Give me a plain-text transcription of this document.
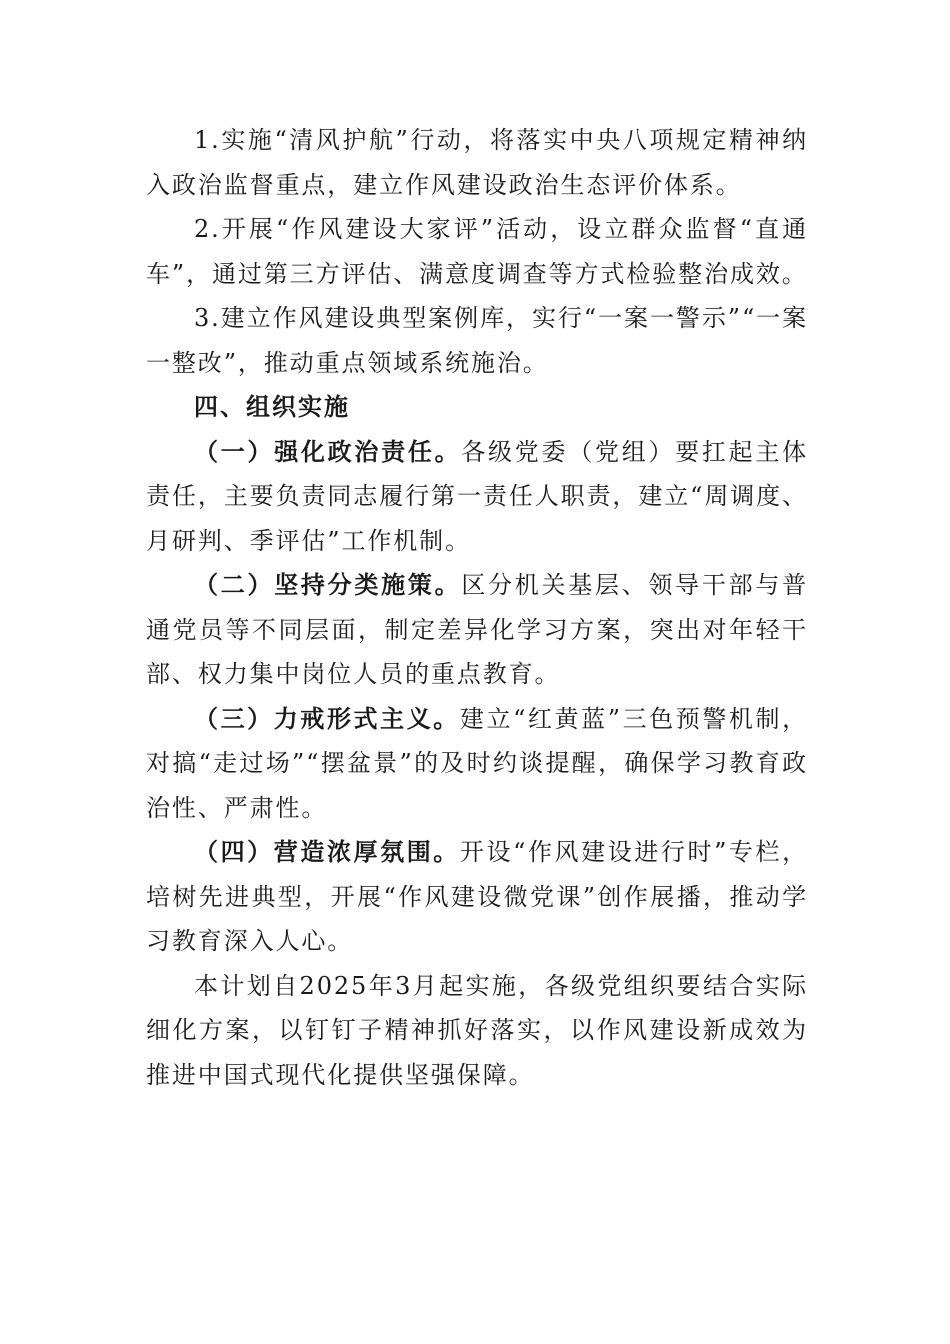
1.实施“清风护航”行动，将落实中央八项规定精神纳入政治监督重点，建立作风建设政治生态评价体系。

2.开展“作风建设大家评”活动，设立群众监督“直通车”，通过第三方评估、满意度调查等方式检验整治成效。

3.建立作风建设典型案例库，实行“一案一警示”“一案一整改”，推动重点领域系统施治。

四、组织实施

（一）强化政治责任。各级党委（党组）要扛起主体责任，主要负责同志履行第一责任人职责，建立“周调度、月研判、季评估”工作机制。

（二）坚持分类施策。区分机关基层、领导干部与普通党员等不同层面，制定差异化学习方案，突出对年轻干部、权力集中岗位人员的重点教育。

（三）力戒形式主义。建立“红黄蓝”三色预警机制，对搞“走过场”“摆盆景”的及时约谈提醒，确保学习教育政治性、严肃性。

（四）营造浓厚氛围。开设“作风建设进行时”专栏，培树先进典型，开展“作风建设微党课”创作展播，推动学习教育深入人心。

本计划自2025年3月起实施，各级党组织要结合实际细化方案，以钉钉子精神抓好落实，以作风建设新成效为推进中国式现代化提供坚强保障。
